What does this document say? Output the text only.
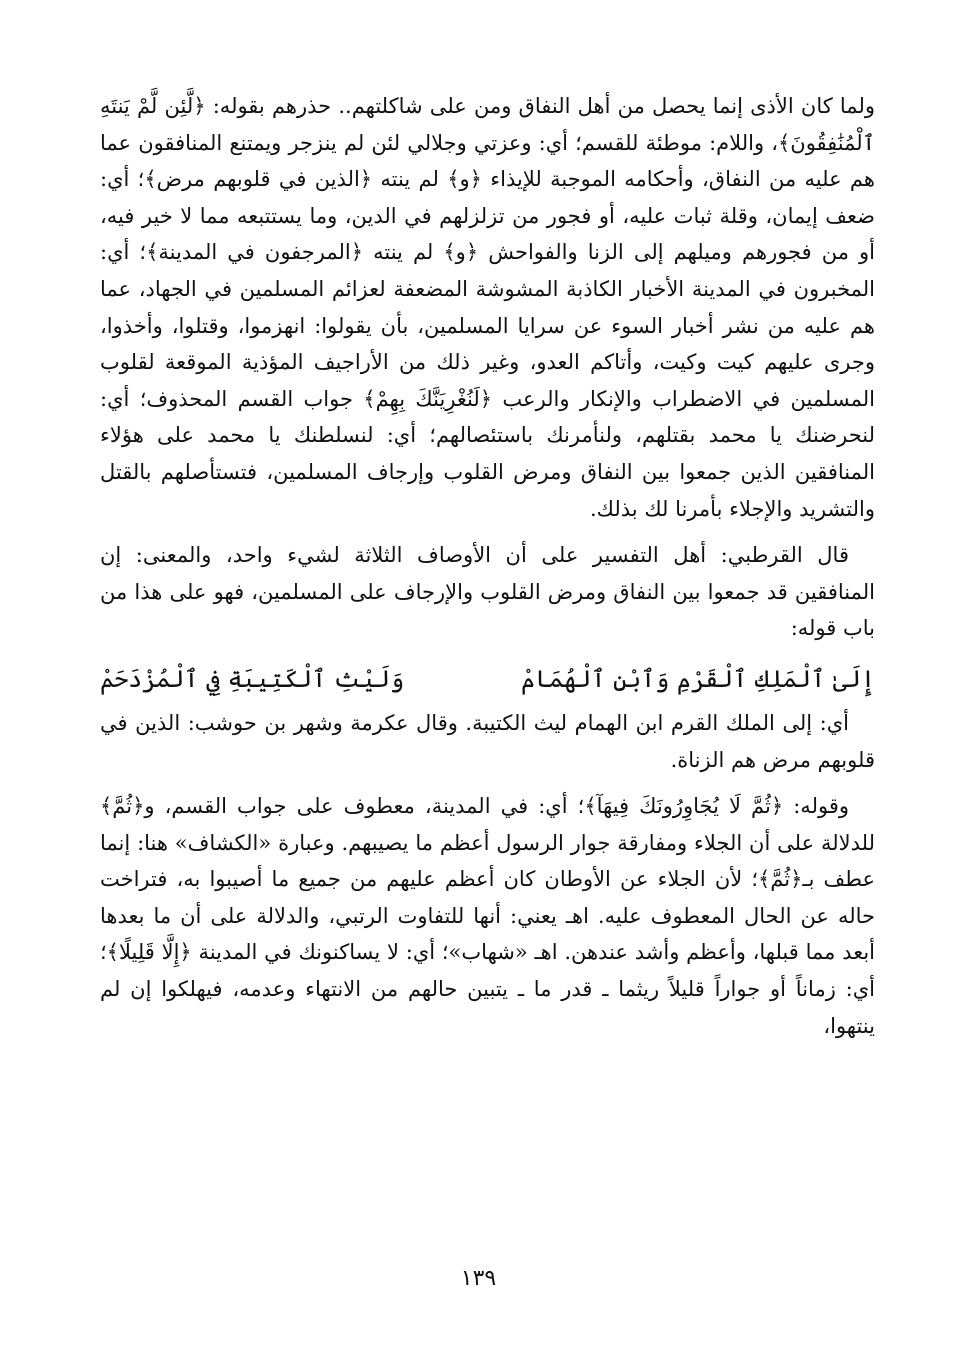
ولما كان الأذى إنما يحصل من أهل النفاق ومن على شاكلتهم.. حذرهم بقوله: ﴿لَّئِن لَّمْ يَنتَهِ ٱلْمُنَٰفِقُونَ﴾، واللام: موطئة للقسم؛ أي: وعزتي وجلالي لئن لم ينزجر ويمتنع المنافقون عما هم عليه من النفاق، وأحكامه الموجبة للإيذاء ﴿و﴾ لم ينته ﴿الذين في قلوبهم مرض﴾؛ أي: ضعف إيمان، وقلة ثبات عليه، أو فجور من تزلزلهم في الدين، وما يستتبعه مما لا خير فيه، أو من فجورهم وميلهم إلى الزنا والفواحش ﴿و﴾ لم ينته ﴿المرجفون في المدينة﴾؛ أي: المخبرون في المدينة الأخبار الكاذبة المشوشة المضعفة لعزائم المسلمين في الجهاد، عما هم عليه من نشر أخبار السوء عن سرايا المسلمين، بأن يقولوا: انهزموا، وقتلوا، وأخذوا، وجرى عليهم كيت وكيت، وأتاكم العدو، وغير ذلك من الأراجيف المؤذية الموقعة لقلوب المسلمين في الاضطراب والإنكار والرعب ﴿لَنُغْرِيَنَّكَ بِهِمْ﴾ جواب القسم المحذوف؛ أي: لنحرضنك يا محمد بقتلهم، ولنأمرنك باستئصالهم؛ أي: لنسلطنك يا محمد على هؤلاء المنافقين الذين جمعوا بين النفاق ومرض القلوب وإرجاف المسلمين، فتستأصلهم بالقتل والتشريد والإجلاء بأمرنا لك بذلك.

قال القرطبي: أهل التفسير على أن الأوصاف الثلاثة لشيء واحد، والمعنى: إن المنافقين قد جمعوا بين النفاق ومرض القلوب والإرجاف على المسلمين، فهو على هذا من باب قوله:

إِلَىٰ ٱلْمَلِكِ ٱلْقَرْمِ وَٱبْنِ ٱلْهُمَامْ
وَلَيْثِ ٱلْكَتِيبَةِ فِي ٱلْمُزْدَحَمْ

أي: إلى الملك القرم ابن الهمام ليث الكتيبة. وقال عكرمة وشهر بن حوشب: الذين في قلوبهم مرض هم الزناة.

وقوله: ﴿ثُمَّ لَا يُجَاوِرُونَكَ فِيهَآ﴾؛ أي: في المدينة، معطوف على جواب القسم، و﴿ثُمَّ﴾ للدلالة على أن الجلاء ومفارقة جوار الرسول أعظم ما يصيبهم. وعبارة «الكشاف» هنا: إنما عطف بـ﴿ثُمَّ﴾؛ لأن الجلاء عن الأوطان كان أعظم عليهم من جميع ما أصيبوا به، فتراخت حاله عن الحال المعطوف عليه. اهـ يعني: أنها للتفاوت الرتبي، والدلالة على أن ما بعدها أبعد مما قبلها، وأعظم وأشد عندهن. اهـ «شهاب»؛ أي: لا يساكنونك في المدينة ﴿إِلَّا قَلِيلًا﴾؛ أي: زماناً أو جواراً قليلاً ريثما ـ قدر ما ـ يتبين حالهم من الانتهاء وعدمه، فيهلكوا إن لم ينتهوا،

١٣٩
